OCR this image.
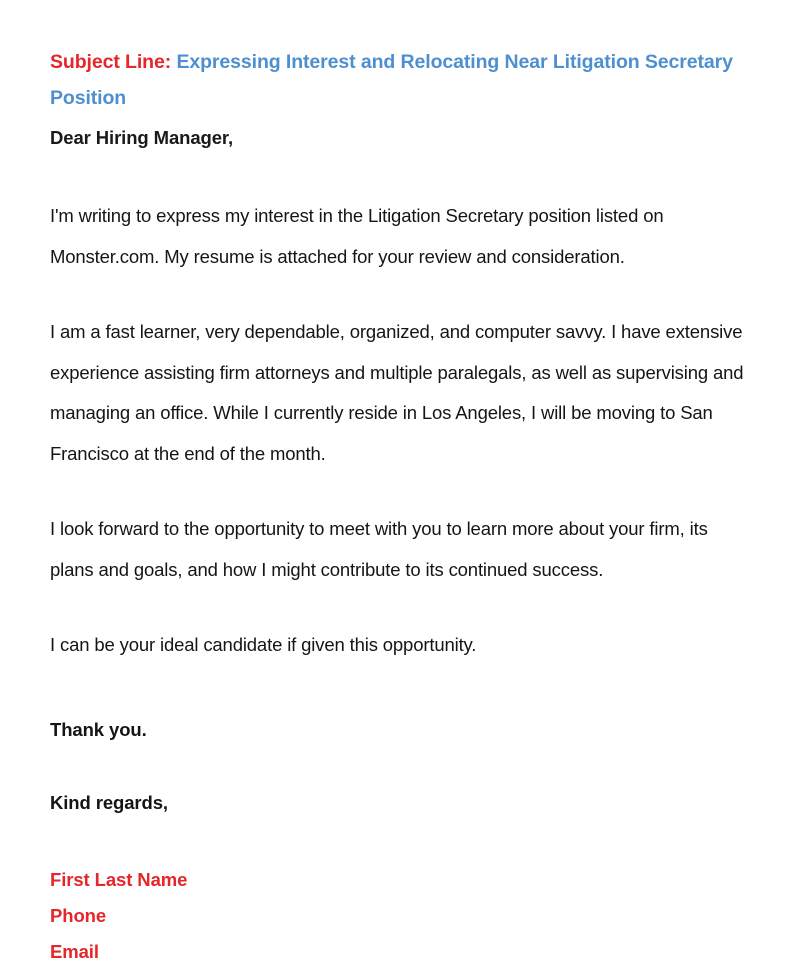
Subject Line: Expressing Interest and Relocating Near Litigation Secretary Position

Dear Hiring Manager,

I'm writing to express my interest in the Litigation Secretary position listed on Monster.com. My resume is attached for your review and consideration.

I am a fast learner, very dependable, organized, and computer savvy. I have extensive experience assisting firm attorneys and multiple paralegals, as well as supervising and managing an office. While I currently reside in Los Angeles, I will be moving to San Francisco at the end of the month.

I look forward to the opportunity to meet with you to learn more about your firm, its plans and goals, and how I might contribute to its continued success.

I can be your ideal candidate if given this opportunity.

Thank you.

Kind regards,

First Last Name

Phone

Email
